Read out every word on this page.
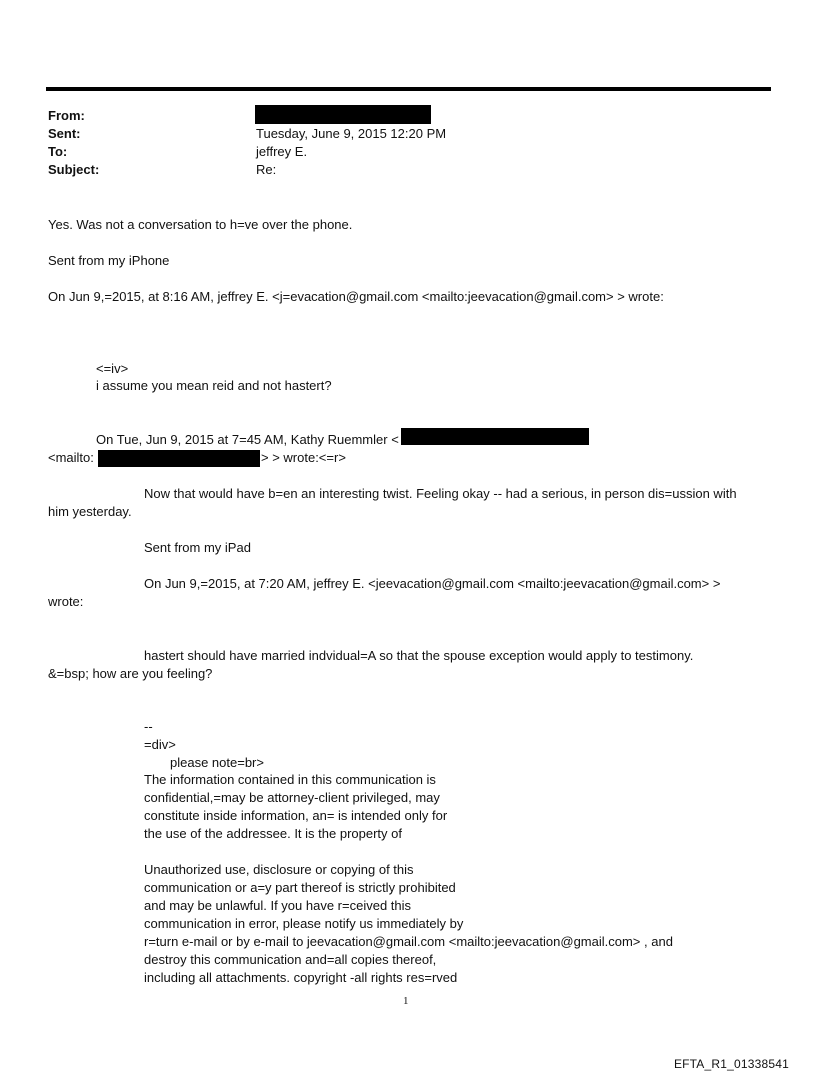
From:
Sent:
To:
Subject:
Tuesday, June 9, 2015 12:20 PM
jeffrey E.
Re:
Yes. Was not a conversation to h=ve over the phone.
Sent from my iPhone
On Jun 9,=2015, at 8:16 AM, jeffrey E. <j=evacation@gmail.com <mailto:jeevacation@gmail.com> > wrote:
<=iv>
i assume you mean reid and not hastert?
On Tue, Jun 9, 2015 at 7=45 AM, Kathy Ruemmler <
<mailto:	> > wrote:<=r>
Now that would have b=en an interesting twist. Feeling okay -- had a serious, in person dis=ussion with
him yesterday.
Sent from my iPad
On Jun 9,=2015, at 7:20 AM, jeffrey E. <jeevacation@gmail.com <mailto:jeevacation@gmail.com> >
wrote:
hastert should have married indvidual=A so that the spouse exception would apply to testimony.
&=bsp; how are you feeling?
--
=div>
please note=br>
The information contained in this communication is
confidential,=may be attorney-client privileged, may
constitute inside information, an= is intended only for
the use of the addressee. It is the property of
Unauthorized use, disclosure or copying of this
communication or a=y part thereof is strictly prohibited
and may be unlawful. If you have r=ceived this
communication in error, please notify us immediately by
r=turn e-mail or by e-mail to jeevacation@gmail.com <mailto:jeevacation@gmail.com> , and
destroy this communication and=all copies thereof,
including all attachments. copyright -all rights res=rved
1
EFTA_R1_01338541
